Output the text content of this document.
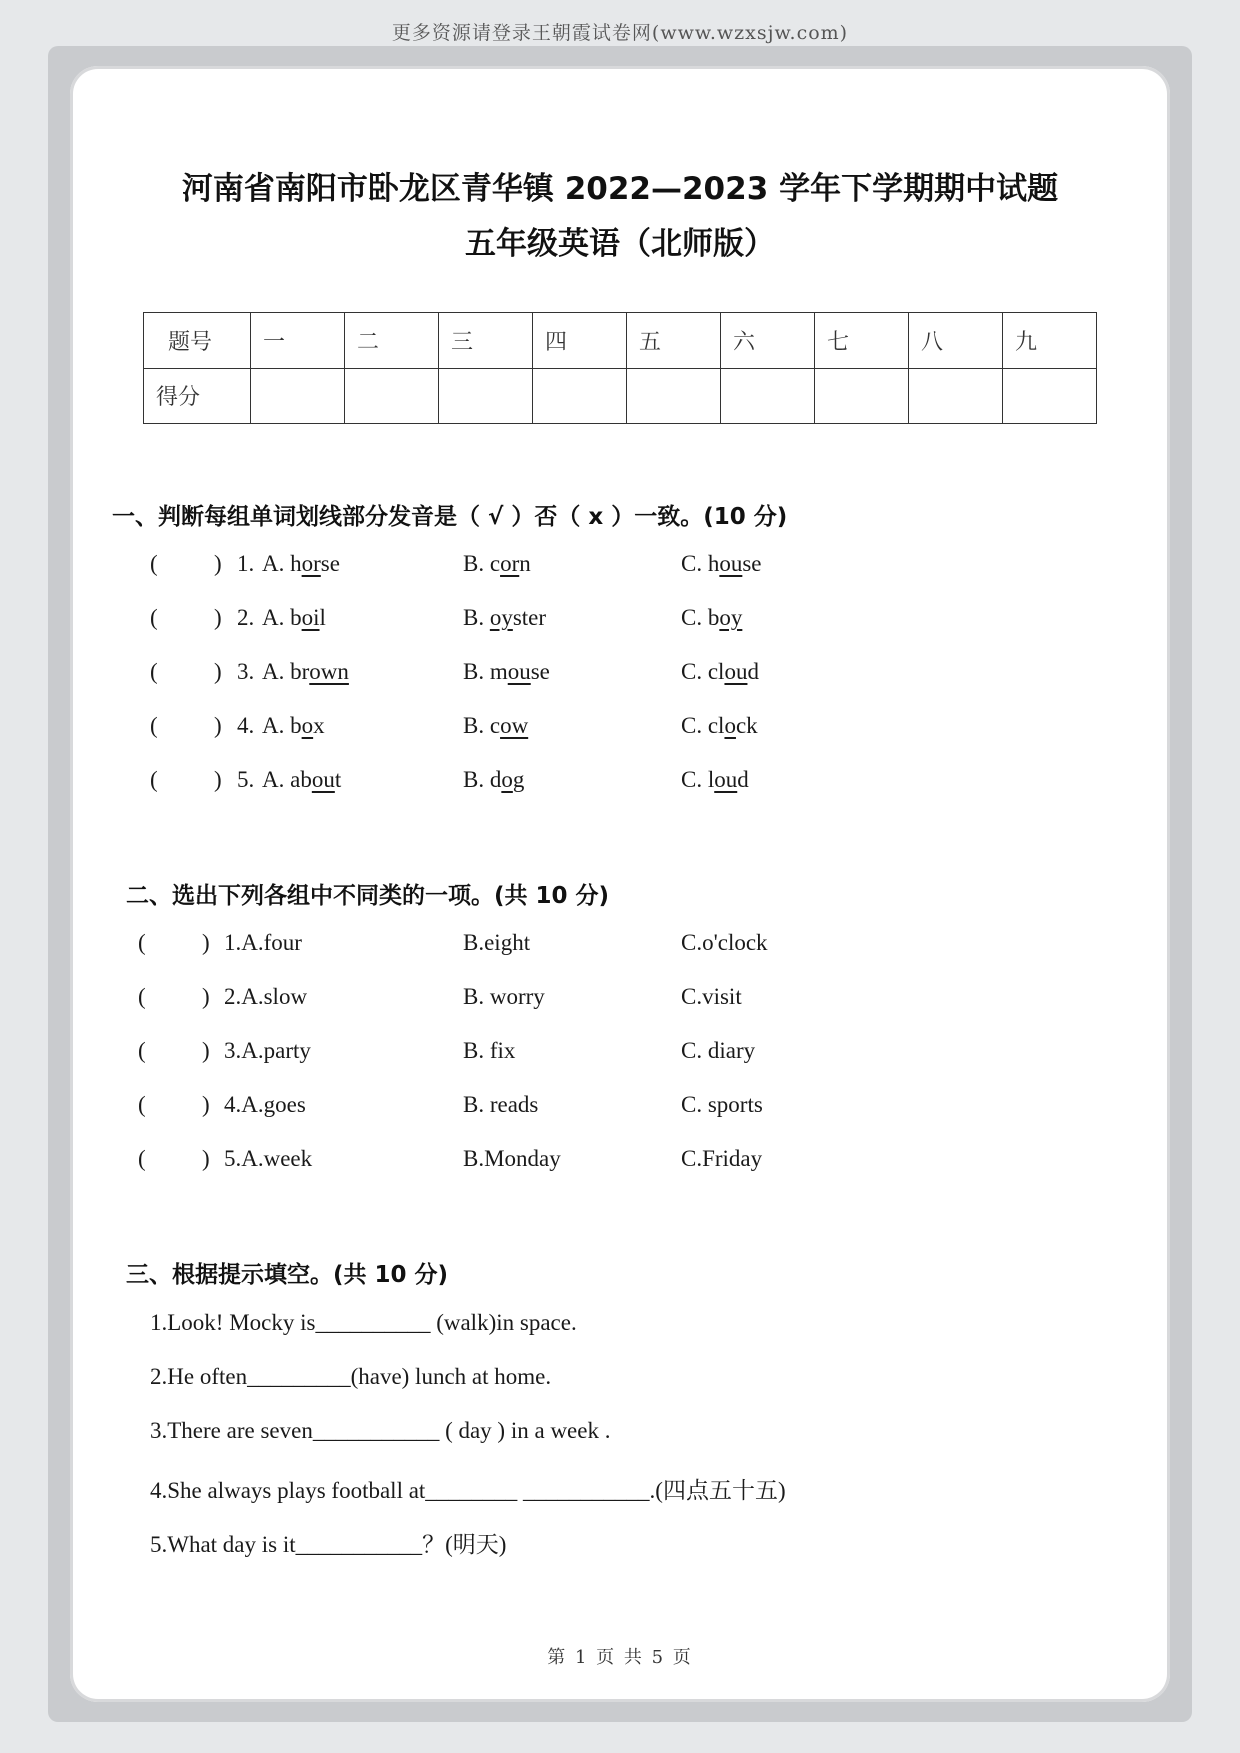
更多资源请登录王朝霞试卷网(www.wzxsjw.com)
河南省南阳市卧龙区青华镇 2022—2023 学年下学期期中试题
五年级英语（北师版）
题号	一	二	三	四	五	六	七	八	九
得分									
一、判断每组单词划线部分发音是（ √ ）否（ x ）一致。(10 分)
( ) 1. A. horse	B. corn	C. house
( ) 2. A. boil	B. oyster	C. boy
( ) 3. A. brown	B. mouse	C. cloud
( ) 4. A. box	B. cow	C. clock
( ) 5. A. about	B. dog	C. loud
二、选出下列各组中不同类的一项。(共 10 分)
( ) 1.A.four	B.eight	C.o'clock
( ) 2.A.slow	B. worry	C.visit
( ) 3.A.party	B. fix	C. diary
( ) 4.A.goes	B. reads	C. sports
( ) 5.A.week	B.Monday	C.Friday
三、根据提示填空。(共 10 分)
1.Look! Mocky is__________ (walk)in space.
2.He often_________(have) lunch at home.
3.There are seven___________ ( day ) in a week .
4.She always plays football at________ ___________.(四点五十五)
5.What day is it___________？(明天)
第 1 页 共 5 页
